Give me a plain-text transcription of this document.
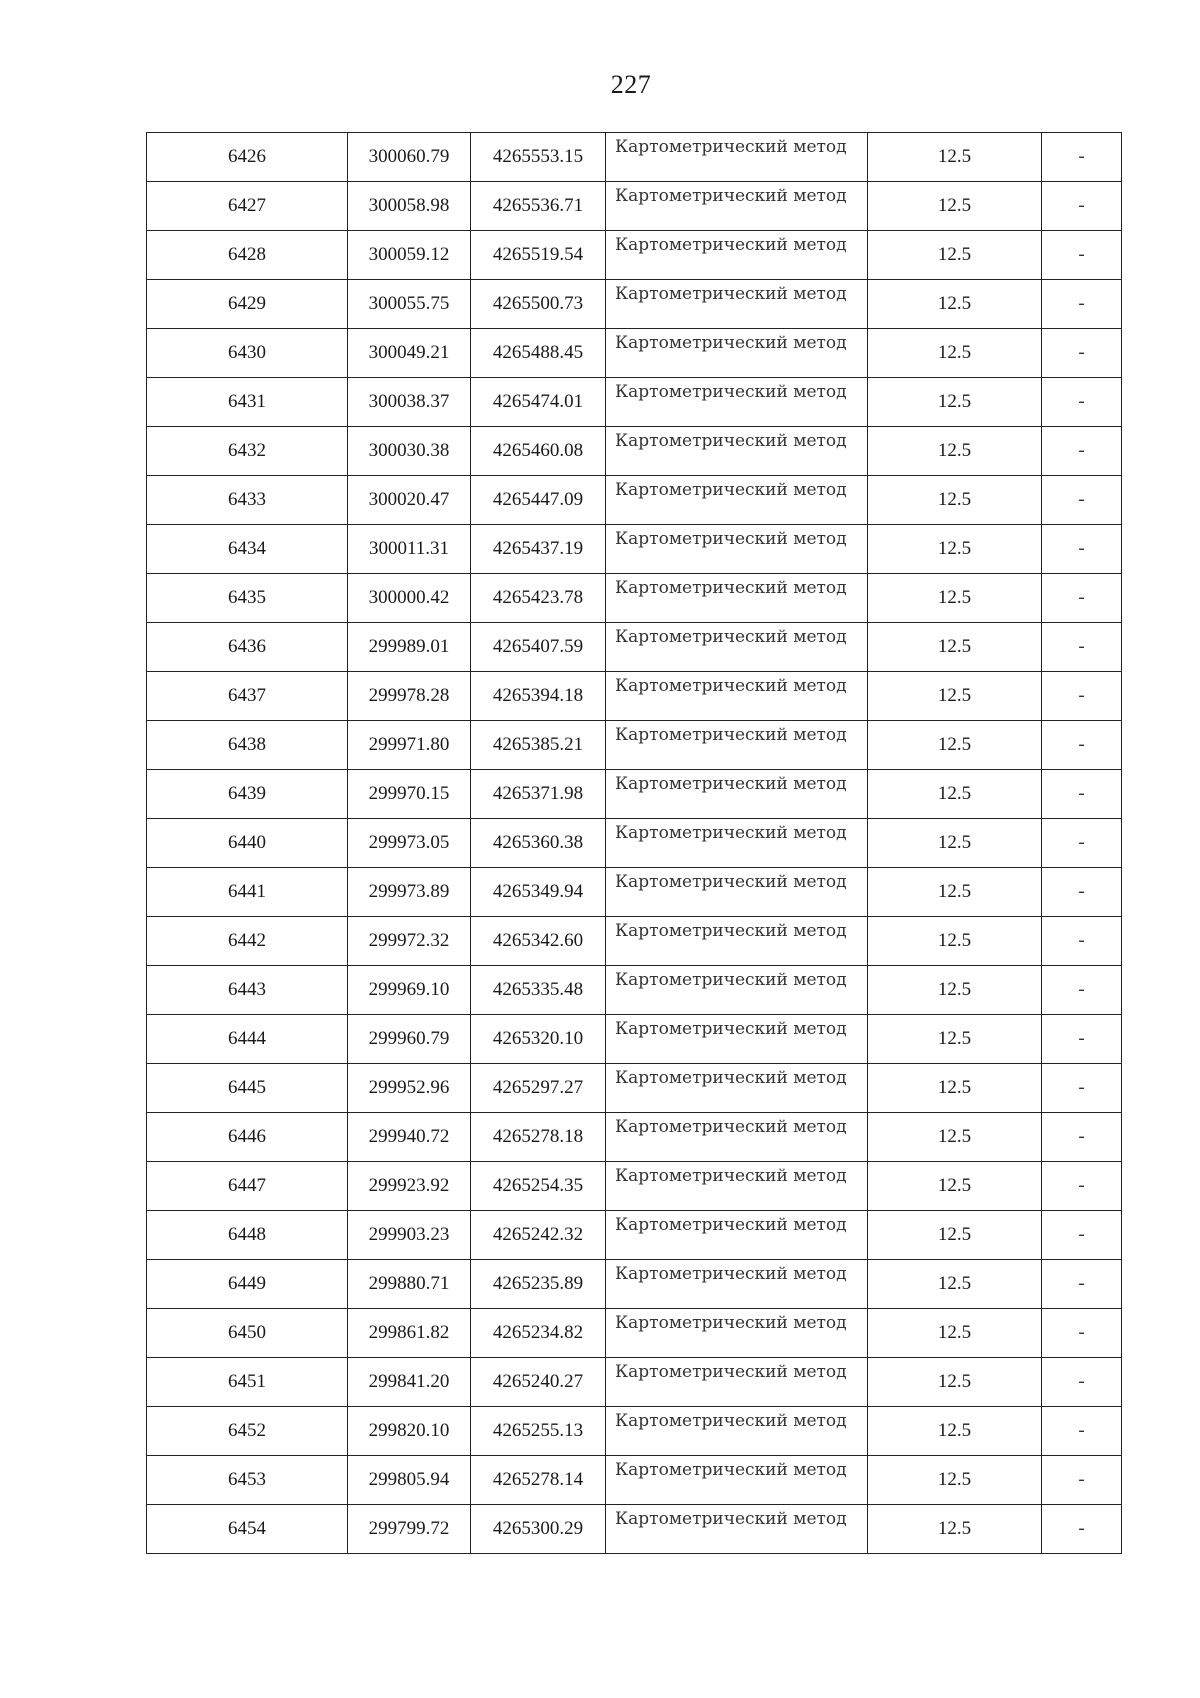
227
6426	300060.79	4265553.15	Картометрический метод	12.5	-
6427	300058.98	4265536.71	Картометрический метод	12.5	-
6428	300059.12	4265519.54	Картометрический метод	12.5	-
6429	300055.75	4265500.73	Картометрический метод	12.5	-
6430	300049.21	4265488.45	Картометрический метод	12.5	-
6431	300038.37	4265474.01	Картометрический метод	12.5	-
6432	300030.38	4265460.08	Картометрический метод	12.5	-
6433	300020.47	4265447.09	Картометрический метод	12.5	-
6434	300011.31	4265437.19	Картометрический метод	12.5	-
6435	300000.42	4265423.78	Картометрический метод	12.5	-
6436	299989.01	4265407.59	Картометрический метод	12.5	-
6437	299978.28	4265394.18	Картометрический метод	12.5	-
6438	299971.80	4265385.21	Картометрический метод	12.5	-
6439	299970.15	4265371.98	Картометрический метод	12.5	-
6440	299973.05	4265360.38	Картометрический метод	12.5	-
6441	299973.89	4265349.94	Картометрический метод	12.5	-
6442	299972.32	4265342.60	Картометрический метод	12.5	-
6443	299969.10	4265335.48	Картометрический метод	12.5	-
6444	299960.79	4265320.10	Картометрический метод	12.5	-
6445	299952.96	4265297.27	Картометрический метод	12.5	-
6446	299940.72	4265278.18	Картометрический метод	12.5	-
6447	299923.92	4265254.35	Картометрический метод	12.5	-
6448	299903.23	4265242.32	Картометрический метод	12.5	-
6449	299880.71	4265235.89	Картометрический метод	12.5	-
6450	299861.82	4265234.82	Картометрический метод	12.5	-
6451	299841.20	4265240.27	Картометрический метод	12.5	-
6452	299820.10	4265255.13	Картометрический метод	12.5	-
6453	299805.94	4265278.14	Картометрический метод	12.5	-
6454	299799.72	4265300.29	Картометрический метод	12.5	-
